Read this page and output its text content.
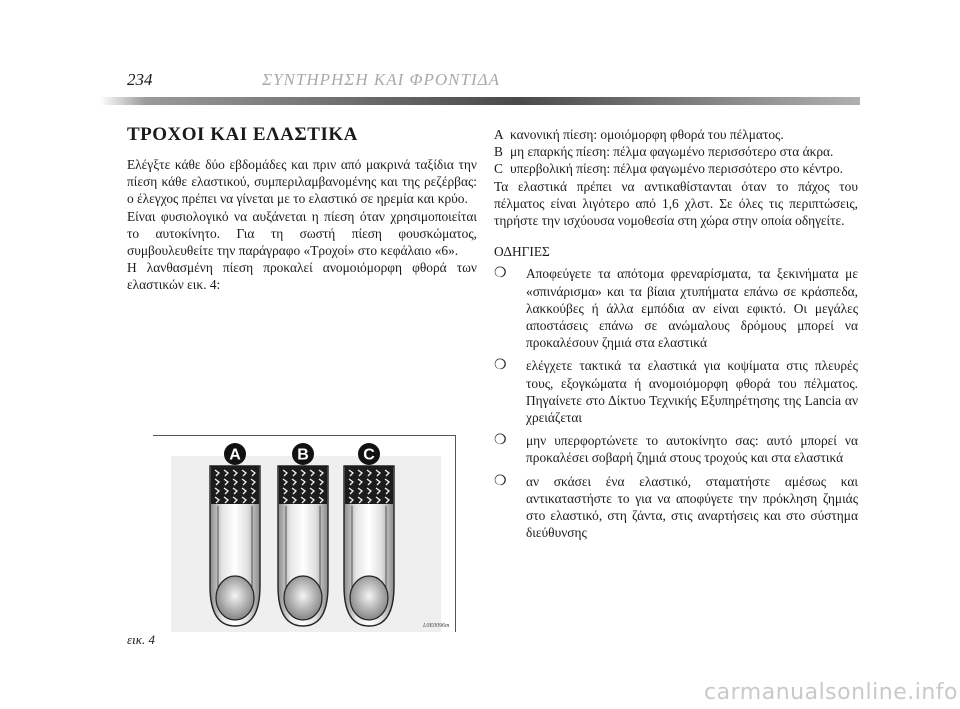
234	ΣΥΝΤΗΡΗΣΗ ΚΑΙ ΦΡΟΝΤΙΔΑ
ΤΡΟΧΟΙ ΚΑΙ ΕΛΑΣΤΙΚΑ

Ελέγξτε κάθε δύο εβδομάδες και πριν από μακρινά ταξίδια την πίεση κάθε ελαστικού, συμπεριλαμβανομένης και της ρεζέρβας: ο έλεγχος πρέπει να γίνεται με το ελαστικό σε ηρεμία και κρύο.

Είναι φυσιολογικό να αυξάνεται η πίεση όταν χρησιμοποιείται το αυτοκίνητο. Για τη σωστή πίεση φουσκώματος, συμβουλευθείτε την παράγραφο «Τροχοί» στο κεφάλαιο «6».

Η λανθασμένη πίεση προκαλεί ανομοιόμορφη φθορά των ελαστικών εικ. 4:

A	B	C
εικ. 4
L0E0096m
A κανονική πίεση: ομοιόμορφη φθορά του πέλματος.
B μη επαρκής πίεση: πέλμα φαγωμένο περισσότερο στα άκρα.
C υπερβολική πίεση: πέλμα φαγωμένο περισσότερο στο κέντρο.

Τα ελαστικά πρέπει να αντικαθίστανται όταν το πάχος του πέλματος είναι λιγότερο από 1,6 χλστ. Σε όλες τις περιπτώσεις, τηρήστε την ισχύουσα νομοθεσία στη χώρα στην οποία οδηγείτε.

ΟΔΗΓΙΕΣ
❍	Αποφεύγετε τα απότομα φρεναρίσματα, τα ξεκινήματα με «σπινάρισμα» και τα βίαια χτυπήματα επάνω σε κράσπεδα, λακκούβες ή άλλα εμπόδια αν είναι εφικτό. Οι μεγάλες αποστάσεις επάνω σε ανώμαλους δρόμους μπορεί να προκαλέσουν ζημιά στα ελαστικά
❍	ελέγχετε τακτικά τα ελαστικά για κοψίματα στις πλευρές τους, εξογκώματα ή ανομοιόμορφη φθορά του πέλματος. Πηγαίνετε στο Δίκτυο Τεχνικής Εξυπηρέτησης της Lancia αν χρειάζεται
❍	μην υπερφορτώνετε το αυτοκίνητο σας: αυτό μπορεί να προκαλέσει σοβαρή ζημιά στους τροχούς και στα ελαστικά
❍	αν σκάσει ένα ελαστικό, σταματήστε αμέσως και αντικαταστήστε το για να αποφύγετε την πρόκληση ζημιάς στο ελαστικό, στη ζάντα, στις αναρτήσεις και στο σύστημα διεύθυνσης
carmanualsonline.info
